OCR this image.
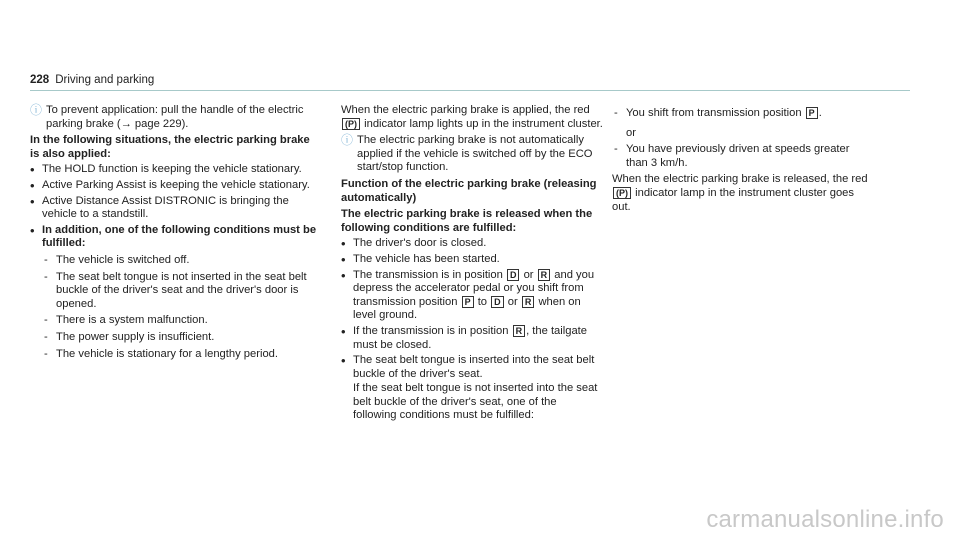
228 Driving and parking
ⓘ To prevent application: pull the handle of the electric parking brake (→ page 229).
In the following situations, the electric parking brake is also applied:
• The HOLD function is keeping the vehicle stationary.
• Active Parking Assist is keeping the vehicle stationary.
• Active Distance Assist DISTRONIC is bringing the vehicle to a standstill.
• In addition, one of the following conditions must be fulfilled:
- The vehicle is switched off.
- The seat belt tongue is not inserted in the seat belt buckle of the driver's seat and the driver's door is opened.
- There is a system malfunction.
- The power supply is insufficient.
- The vehicle is stationary for a lengthy period.

When the electric parking brake is applied, the red (P) indicator lamp lights up in the instrument cluster.

ⓘ The electric parking brake is not automatically applied if the vehicle is switched off by the ECO start/stop function.
Function of the electric parking brake (releasing automatically)
The electric parking brake is released when the following conditions are fulfilled:
• The driver's door is closed.
• The vehicle has been started.
• The transmission is in position D or R and you depress the accelerator pedal or you shift from transmission position P to D or R when on level ground.
• If the transmission is in position R , the tailgate must be closed.
• The seat belt tongue is inserted into the seat belt buckle of the driver's seat.
If the seat belt tongue is not inserted into the seat belt buckle of the driver's seat, one of the following conditions must be fulfilled:
- You shift from transmission position P .
or
- You have previously driven at speeds greater than 3 km/h.

When the electric parking brake is released, the red (P) indicator lamp in the instrument cluster goes out.

carmanualsonline.info
